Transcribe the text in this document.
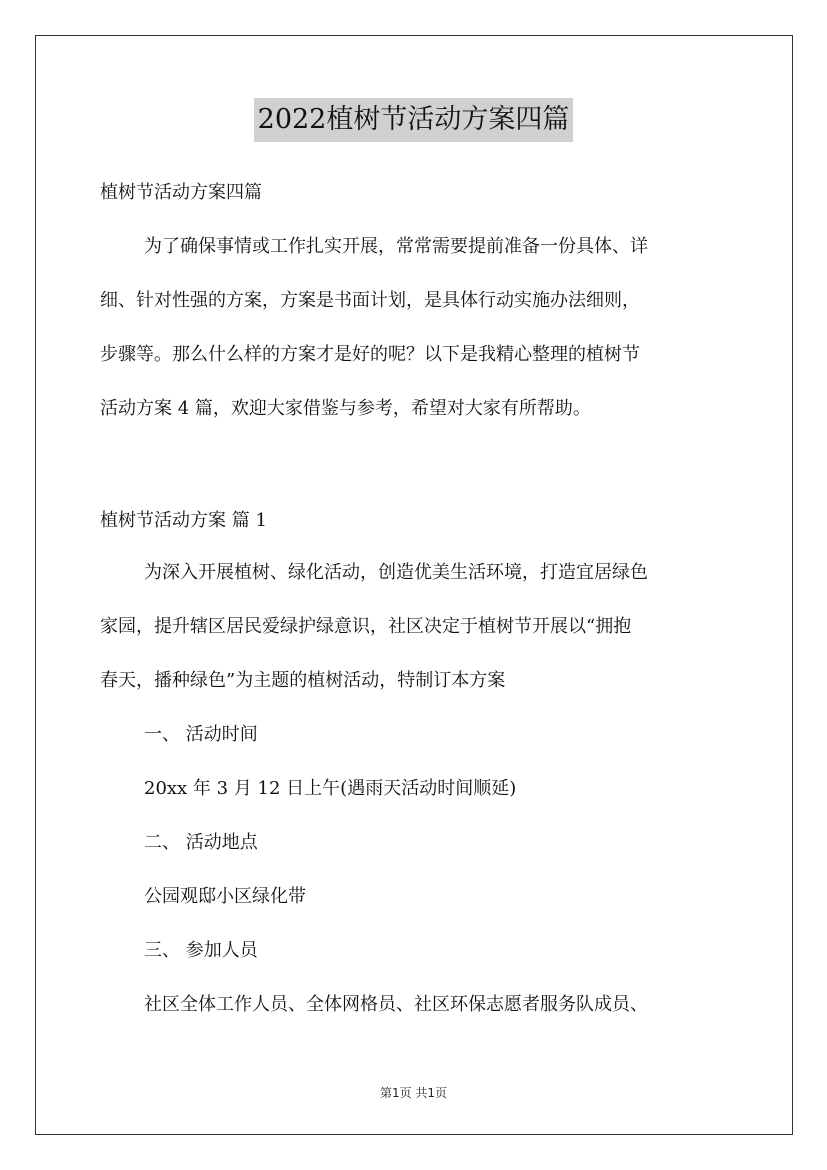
2022植树节活动方案四篇
植树节活动方案四篇
为了确保事情或工作扎实开展，常常需要提前准备一份具体、详
细、针对性强的方案，方案是书面计划，是具体行动实施办法细则，
步骤等。那么什么样的方案才是好的呢？以下是我精心整理的植树节
活动方案 4 篇，欢迎大家借鉴与参考，希望对大家有所帮助。
植树节活动方案 篇 1
为深入开展植树、绿化活动，创造优美生活环境，打造宜居绿色
家园，提升辖区居民爱绿护绿意识，社区决定于植树节开展以“拥抱
春天，播种绿色”为主题的植树活动，特制订本方案
一、 活动时间
20xx 年 3 月 12 日上午(遇雨天活动时间顺延)
二、 活动地点
公园观邸小区绿化带
三、 参加人员
社区全体工作人员、全体网格员、社区环保志愿者服务队成员、
第1页 共1页
